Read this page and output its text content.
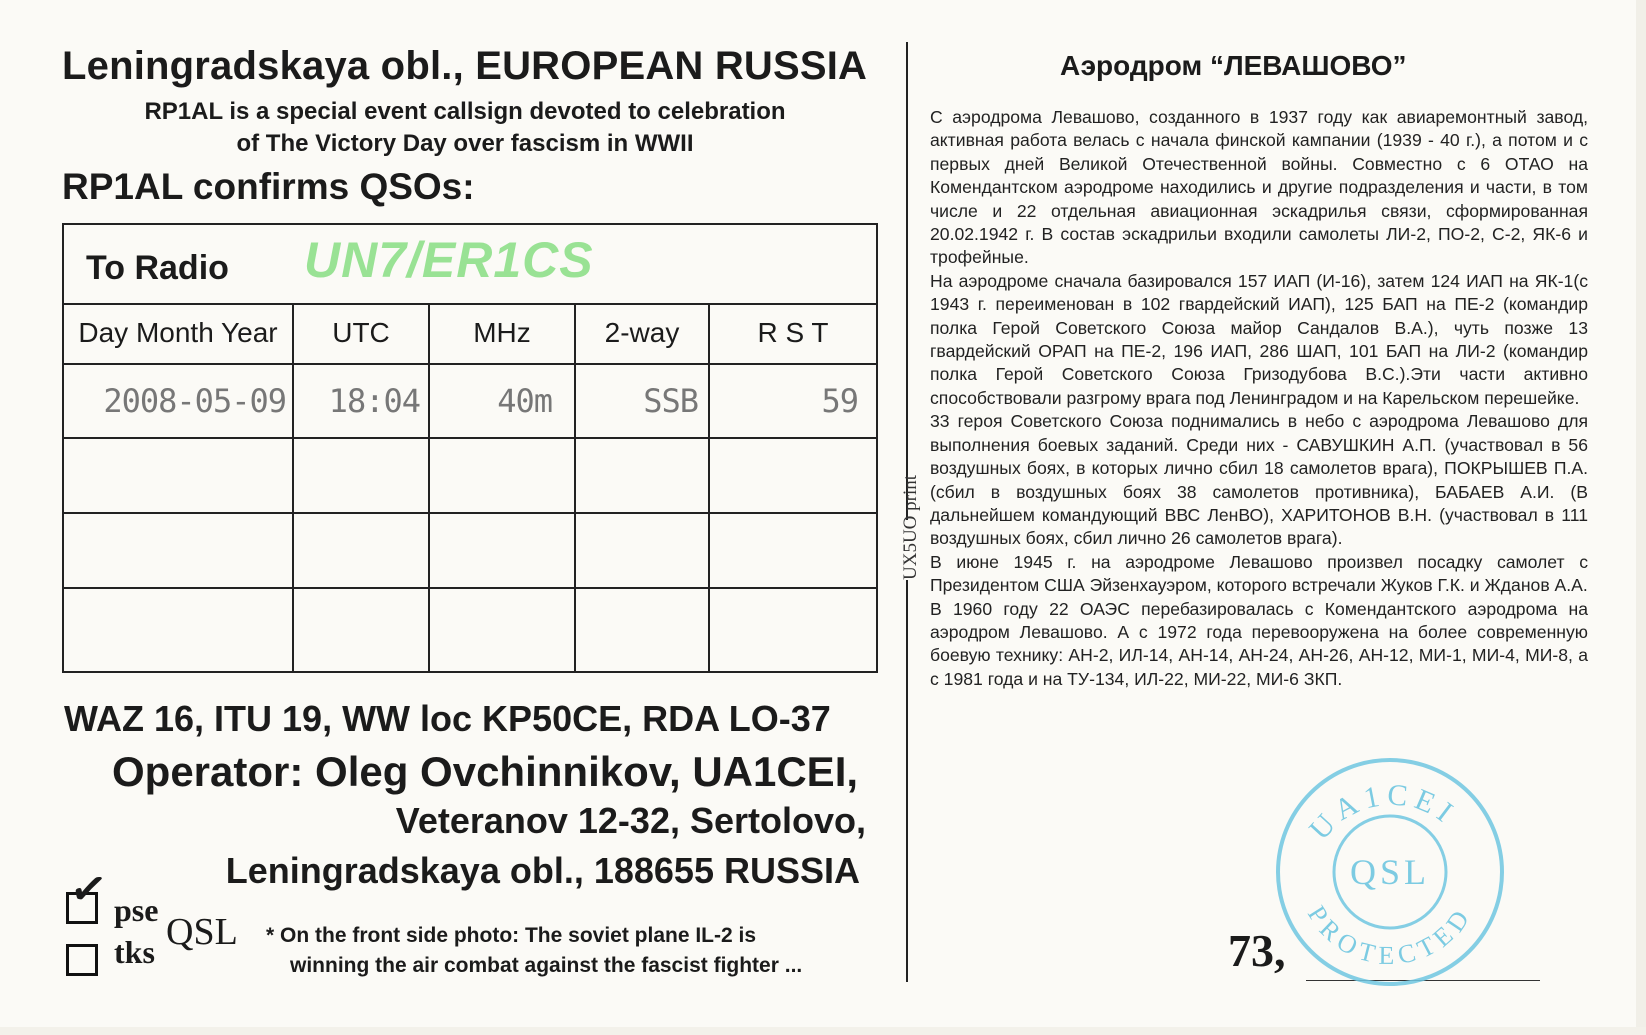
Leningradskaya obl., EUROPEAN RUSSIA
RP1AL is a special event callsign devoted to celebration
of The Victory Day over fascism in WWII
RP1AL confirms QSOs:
To Radio UN7/ER1CS
Day Month Year	UTC	MHz	2-way	R S T
2008-05-09	18:04	40m	SSB	59
WAZ 16, ITU 19, WW loc KP50CE, RDA LO-37
Operator: Oleg Ovchinnikov, UA1CEI,
Veteranov 12-32, Sertolovo,
Leningradskaya obl., 188655 RUSSIA
✓ pse
tks QSL * On the front side photo: The soviet plane IL-2 is
winning the air combat against the fascist fighter ...
UX5UO print
Аэродром “ЛЕВАШОВО”

С аэродрома Левашово, созданного в 1937 году как авиаремонтный завод, активная работа велась с начала финской кампании (1939 - 40 г.), а потом и с первых дней Великой Отечественной войны. Совместно с 6 ОТАО на Комендантском аэродроме находились и другие подразделения и части, в том числе и 22 отдельная авиационная эскадрилья связи, сформированная 20.02.1942 г. В состав эскадрильи входили самолеты ЛИ-2, ПО-2, С-2, ЯК-6 и трофейные.

На аэродроме сначала базировался 157 ИАП (И-16), затем 124 ИАП на ЯК-1(с 1943 г. переименован в 102 гвардейский ИАП), 125 БАП на ПЕ-2 (командир полка Герой Советского Союза майор Сандалов В.А.), чуть позже 13 гвардейский ОРАП на ПЕ-2, 196 ИАП, 286 ШАП, 101 БАП на ЛИ-2 (командир полка Герой Советского Союза Гризодубова В.С.).Эти части активно способствовали разгрому врага под Ленинградом и на Карельском перешейке.

33 героя Советского Союза поднимались в небо с аэродрома Левашово для выполнения боевых заданий. Среди них - САВУШКИН А.П. (участвовал в 56 воздушных боях, в которых лично сбил 18 самолетов врага), ПОКРЫШЕВ П.А. (сбил в воздушных боях 38 самолетов противника), БАБАЕВ А.И. (В дальнейшем командующий ВВС ЛенВО), ХАРИТОНОВ В.Н. (участвовал в 111 воздушных боях, сбил лично 26 самолетов врага).

В июне 1945 г. на аэродроме Левашово произвел посадку самолет с Президентом США Эйзенхауэром, которого встречали Жуков Г.К. и Жданов А.А.

В 1960 году 22 ОАЭС перебазировалась с Комендантского аэродрома на аэродром Левашово. А с 1972 года перевооружена на более современную боевую технику: АН-2, ИЛ-14, АН-14, АН-24, АН-26, АН-12, МИ-1, МИ-4, МИ-8, а с 1981 года и на ТУ-134, ИЛ-22, МИ-22, МИ-6 ЗКП.

73,
UA1CEI
QSL
PROTECTED
